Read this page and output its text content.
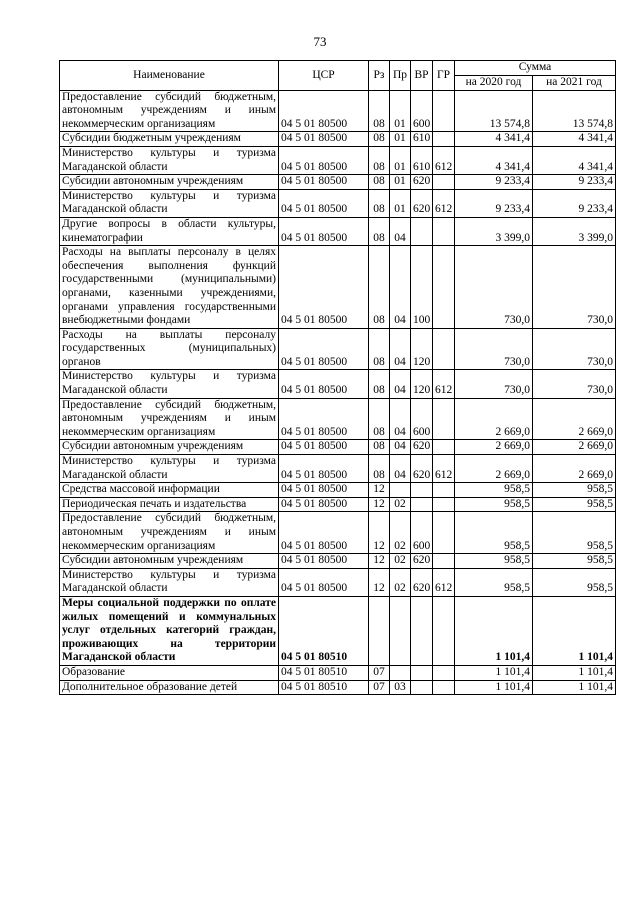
73
Наименование	ЦСР	Рз	Пр	ВР	ГР	Сумма	
						на 2020 год	на 2021 год
Предоставление субсидий бюджетным, автономным учреждениям и иным некоммерческим организациям	04 5 01 80500	08	01	600		13 574,8	13 574,8
Субсидии бюджетным учреждениям	04 5 01 80500	08	01	610		4 341,4	4 341,4
Министерство культуры и туризма Магаданской области	04 5 01 80500	08	01	610	612	4 341,4	4 341,4
Субсидии автономным учреждениям	04 5 01 80500	08	01	620		9 233,4	9 233,4
Министерство культуры и туризма Магаданской области	04 5 01 80500	08	01	620	612	9 233,4	9 233,4
Другие вопросы в области культуры, кинематографии	04 5 01 80500	08	04			3 399,0	3 399,0
Расходы на выплаты персоналу в целях обеспечения выполнения функций государственными (муниципальными) органами, казенными учреждениями, органами управления государственными внебюджетными фондами	04 5 01 80500	08	04	100		730,0	730,0
Расходы на выплаты персоналу государственных (муниципальных) органов	04 5 01 80500	08	04	120		730,0	730,0
Министерство культуры и туризма Магаданской области	04 5 01 80500	08	04	120	612	730,0	730,0
Предоставление субсидий бюджетным, автономным учреждениям и иным некоммерческим организациям	04 5 01 80500	08	04	600		2 669,0	2 669,0
Субсидии автономным учреждениям	04 5 01 80500	08	04	620		2 669,0	2 669,0
Министерство культуры и туризма Магаданской области	04 5 01 80500	08	04	620	612	2 669,0	2 669,0
Средства массовой информации	04 5 01 80500	12				958,5	958,5
Периодическая печать и издательства	04 5 01 80500	12	02			958,5	958,5
Предоставление субсидий бюджетным, автономным учреждениям и иным некоммерческим организациям	04 5 01 80500	12	02	600		958,5	958,5
Субсидии автономным учреждениям	04 5 01 80500	12	02	620		958,5	958,5
Министерство культуры и туризма Магаданской области	04 5 01 80500	12	02	620	612	958,5	958,5
Меры социальной поддержки по оплате жилых помещений и коммунальных услуг отдельных категорий граждан, проживающих на территории Магаданской области	04 5 01 80510					1 101,4	1 101,4
Образование	04 5 01 80510	07				1 101,4	1 101,4
Дополнительное образование детей	04 5 01 80510	07	03			1 101,4	1 101,4
